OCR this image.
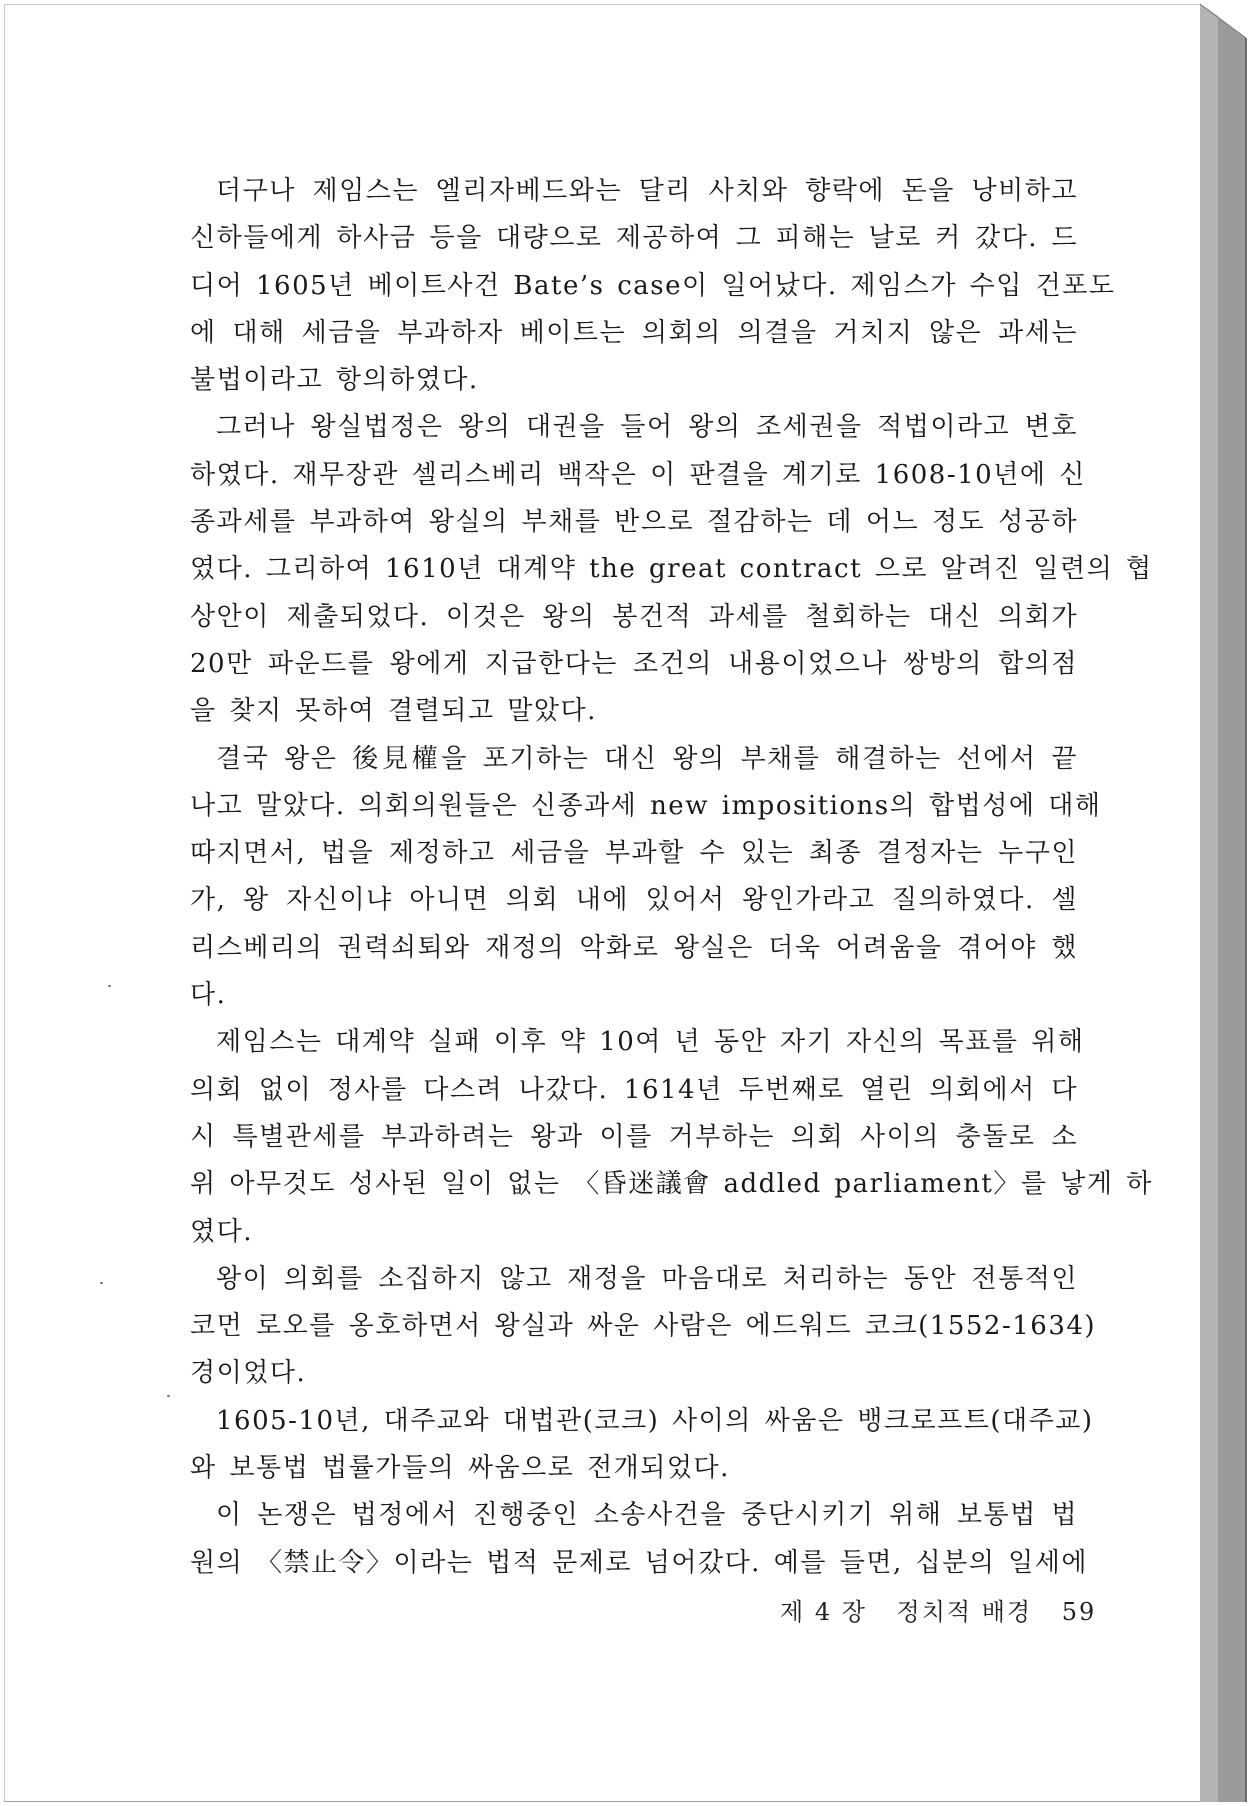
더구나 제임스는 엘리자베드와는 달리 사치와 향락에 돈을 낭비하고
신하들에게 하사금 등을 대량으로 제공하여 그 피해는 날로 커 갔다. 드
디어 1605년 베이트사건 Bate’s case이 일어났다. 제임스가 수입 건포도
에 대해 세금을 부과하자 베이트는 의회의 의결을 거치지 않은 과세는
불법이라고 항의하였다.

그러나 왕실법정은 왕의 대권을 들어 왕의 조세권을 적법이라고 변호
하였다. 재무장관 셀리스베리 백작은 이 판결을 계기로 1608-10년에 신
종과세를 부과하여 왕실의 부채를 반으로 절감하는 데 어느 정도 성공하
였다. 그리하여 1610년 대계약 the great contract 으로 알려진 일련의 협
상안이 제출되었다. 이것은 왕의 봉건적 과세를 철회하는 대신 의회가
20만 파운드를 왕에게 지급한다는 조건의 내용이었으나 쌍방의 합의점
을 찾지 못하여 결렬되고 말았다.

결국 왕은 後見權을 포기하는 대신 왕의 부채를 해결하는 선에서 끝
나고 말았다. 의회의원들은 신종과세 new impositions의 합법성에 대해
따지면서, 법을 제정하고 세금을 부과할 수 있는 최종 결정자는 누구인
가, 왕 자신이냐 아니면 의회 내에 있어서 왕인가라고 질의하였다. 셀
리스베리의 권력쇠퇴와 재정의 악화로 왕실은 더욱 어려움을 겪어야 했
다.

제임스는 대계약 실패 이후 약 10여 년 동안 자기 자신의 목표를 위해
의회 없이 정사를 다스려 나갔다. 1614년 두번째로 열린 의회에서 다
시 특별관세를 부과하려는 왕과 이를 거부하는 의회 사이의 충돌로 소
위 아무것도 성사된 일이 없는 〈昏迷議會 addled parliament〉를 낳게 하
였다.

왕이 의회를 소집하지 않고 재정을 마음대로 처리하는 동안 전통적인
코먼 로오를 옹호하면서 왕실과 싸운 사람은 에드워드 코크(1552-1634)
경이었다.

1605-10년, 대주교와 대법관(코크) 사이의 싸움은 뱅크로프트(대주교)
와 보통법 법률가들의 싸움으로 전개되었다.

이 논쟁은 법정에서 진행중인 소송사건을 중단시키기 위해 보통법 법
원의 〈禁止令〉이라는 법적 문제로 넘어갔다. 예를 들면, 십분의 일세에

제 4 장 정치적 배경 59
